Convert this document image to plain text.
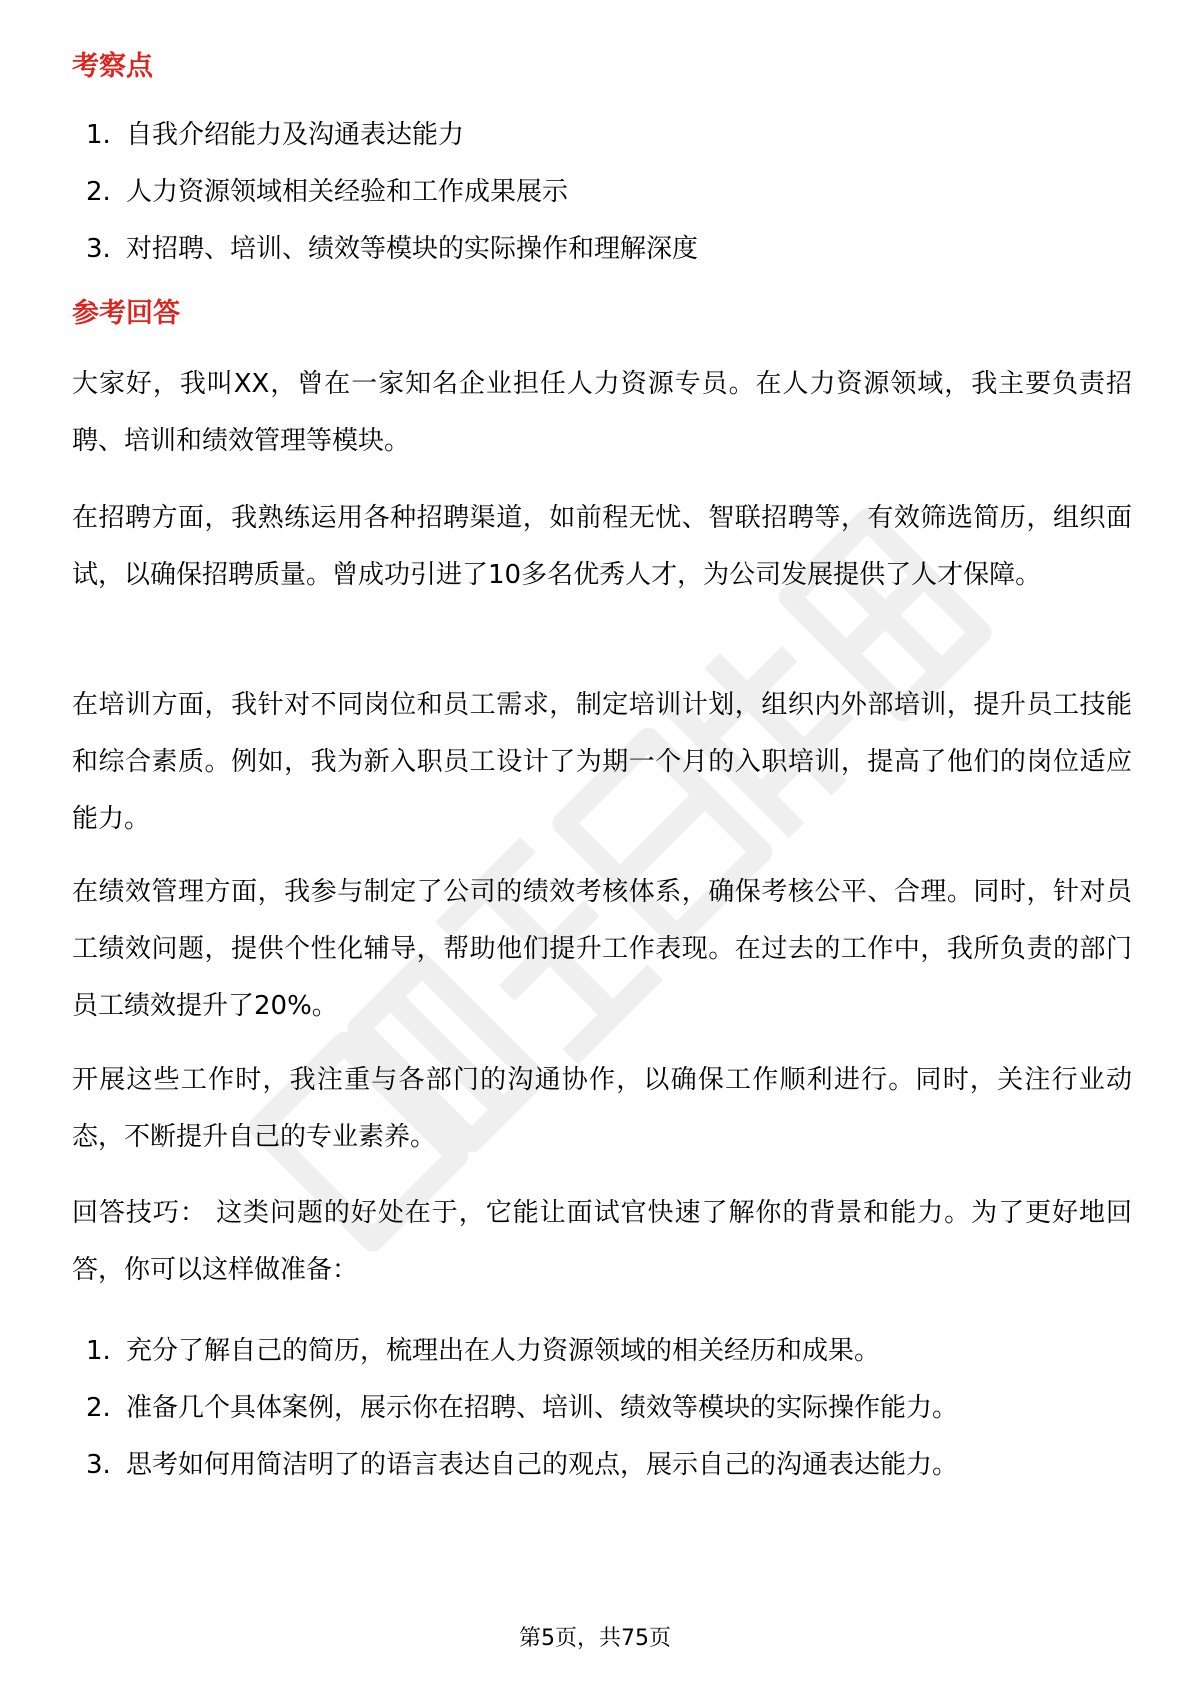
考察点
1. 自我介绍能力及沟通表达能力
2. 人力资源领域相关经验和工作成果展示
3. 对招聘、培训、绩效等模块的实际操作和理解深度
参考回答

大家好，我叫XX，曾在一家知名企业担任人力资源专员。在人力资源领域，我主要负责招聘、培训和绩效管理等模块。

在招聘方面，我熟练运用各种招聘渠道，如前程无忧、智联招聘等，有效筛选简历，组织面试，以确保招聘质量。曾成功引进了10多名优秀人才，为公司发展提供了人才保障。

在培训方面，我针对不同岗位和员工需求，制定培训计划，组织内外部培训，提升员工技能和综合素质。例如，我为新入职员工设计了为期一个月的入职培训，提高了他们的岗位适应能力。

在绩效管理方面，我参与制定了公司的绩效考核体系，确保考核公平、合理。同时，针对员工绩效问题，提供个性化辅导，帮助他们提升工作表现。在过去的工作中，我所负责的部门员工绩效提升了20%。

开展这些工作时，我注重与各部门的沟通协作，以确保工作顺利进行。同时，关注行业动态，不断提升自己的专业素养。

回答技巧： 这类问题的好处在于，它能让面试官快速了解你的背景和能力。为了更好地回答，你可以这样做准备：

1. 充分了解自己的简历，梳理出在人力资源领域的相关经历和成果。
2. 准备几个具体案例，展示你在招聘、培训、绩效等模块的实际操作能力。
3. 思考如何用简洁明了的语言表达自己的观点，展示自己的沟通表达能力。
第5页，共75页
